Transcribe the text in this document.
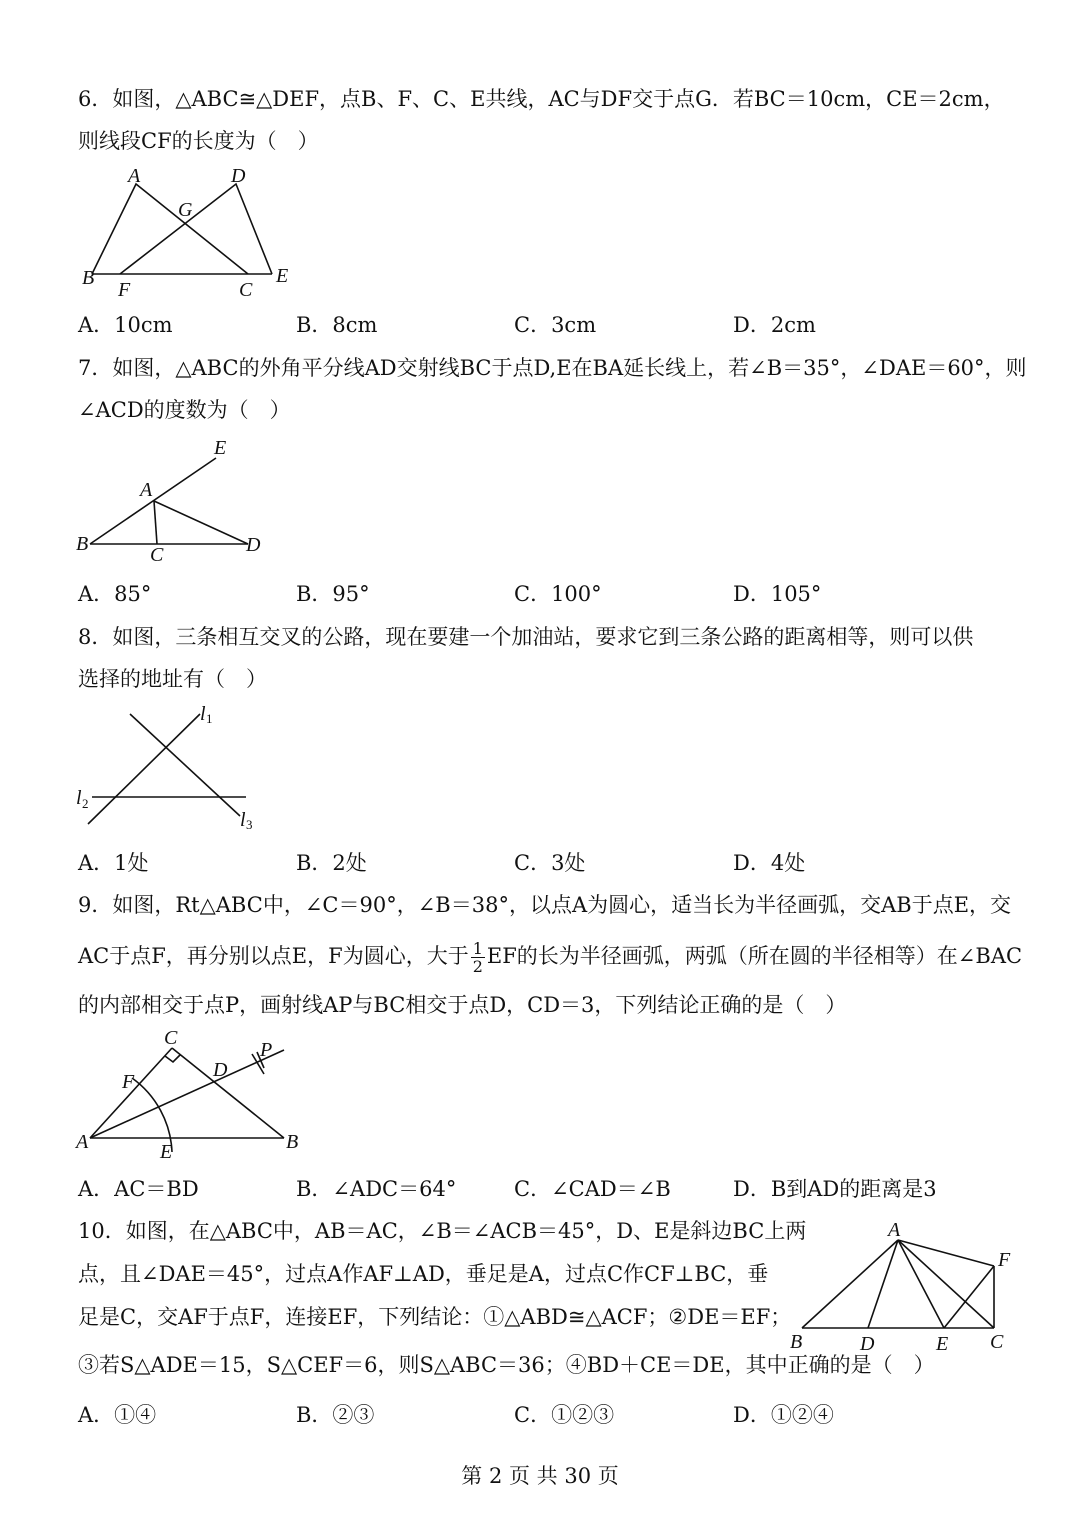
6．如图，△ABC≅△DEF，点B、F、C、E共线，AC与DF交于点G．若BC＝10cm，CE＝2cm，
则线段CF的长度为（　）
A	D
G
B
F	C
E
A．10cm	B．8cm	C．3cm	D．2cm
7．如图，△ABC的外角平分线AD交射线BC于点D,E在BA延长线上，若∠B＝35°，∠DAE＝60°，则
∠ACD的度数为（　）
E
A
B	C	D
A．85°	B．95°	C．100°	D．105°
8．如图，三条相互交叉的公路，现在要建一个加油站，要求它到三条公路的距离相等，则可以供
选择的地址有（　）
l 1
l 2
l 3
A．1处	B．2处	C．3处	D．4处
9．如图，Rt△ABC中，∠C＝90°，∠B＝38°，以点A为圆心，适当长为半径画弧，交AB于点E，交
AC于点F，再分别以点E，F为圆心，大于 $\frac{1}{2}$ EF的长为半径画弧，两弧（所在圆的半径相等）在∠BAC
的内部相交于点P，画射线AP与BC相交于点D，CD＝3，下列结论正确的是（　）
C
P
F
D
A	E	B
A．AC＝BD	B．∠ADC＝64°	C．∠CAD＝∠B	D．B到AD的距离是3
10．如图，在△ABC中，AB＝AC，∠B＝∠ACB＝45°，D、E是斜边BC上两
点，且∠DAE＝45°，过点A作AF⊥AD，垂足是A，过点C作CF⊥BC，垂
足是C，交AF于点F，连接EF，下列结论：①△ABD≅△ACF；②DE＝EF；
③若S△ADE＝15，S△CEF＝6，则S△ABC＝36；④BD＋CE＝DE，其中正确的是（　）
A
F
B	D	E C
A．①④	B．②③	C．①②③	D．①②④
第 2 页 共 30 页
